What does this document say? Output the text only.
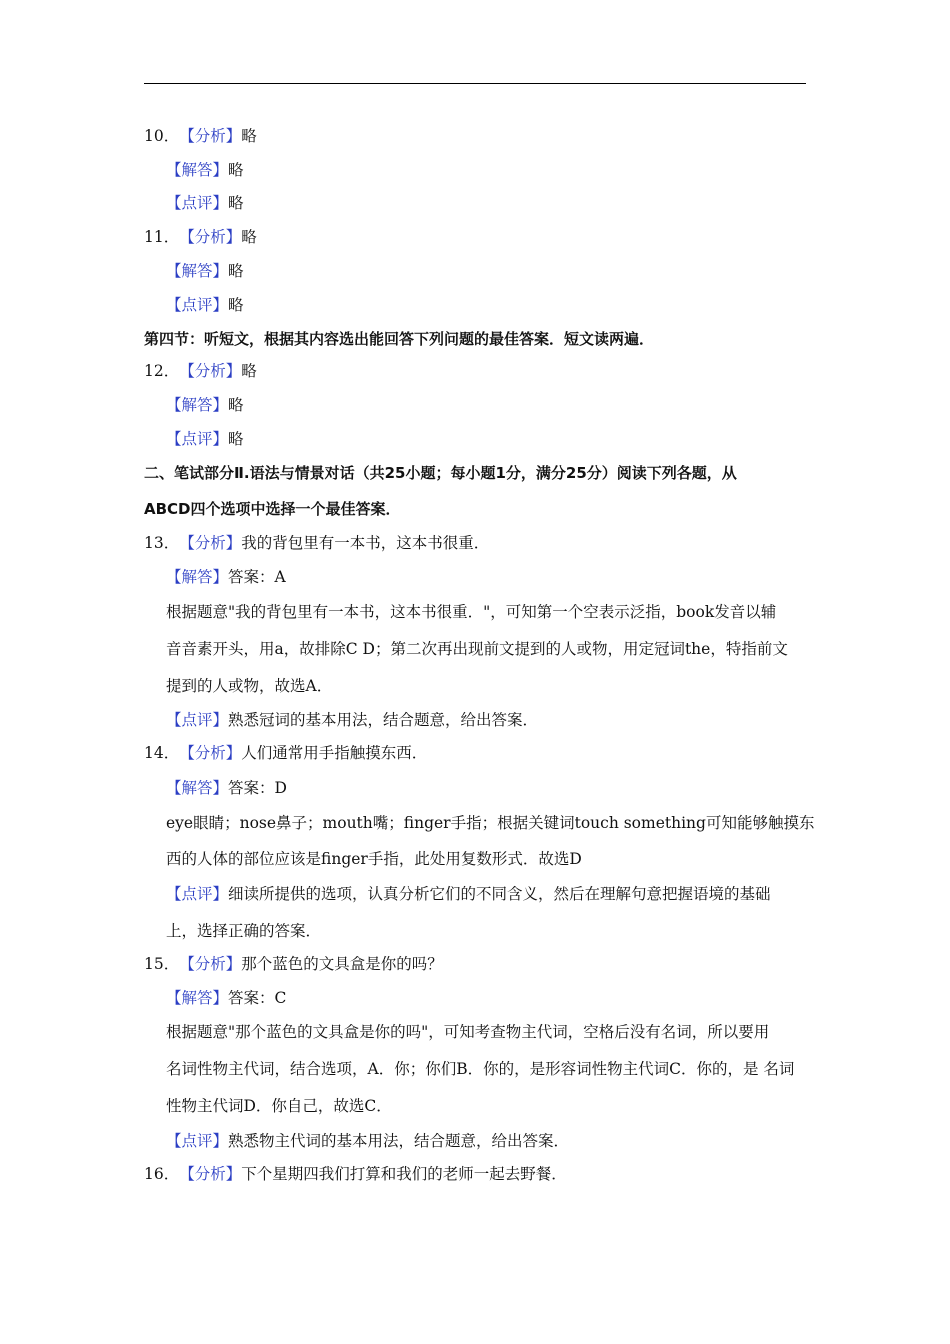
10．【分析】略
【解答】略
【点评】略
11．【分析】略
【解答】略
【点评】略
第四节：听短文，根据其内容选出能回答下列问题的最佳答案．短文读两遍．
12．【分析】略
【解答】略
【点评】略
二、笔试部分Ⅱ.语法与情景对话（共25小题；每小题1分，满分25分）阅读下列各题，从
ABCD四个选项中选择一个最佳答案．
13．【分析】我的背包里有一本书，这本书很重．
【解答】答案：A
根据题意"我的背包里有一本书，这本书很重．"，可知第一个空表示泛指，book发音以辅
音音素开头，用a，故排除C D；第二次再出现前文提到的人或物，用定冠词the，特指前文
提到的人或物，故选A．
【点评】熟悉冠词的基本用法，结合题意，给出答案．
14．【分析】人们通常用手指触摸东西．
【解答】答案：D
eye眼睛；nose鼻子；mouth嘴；finger手指；根据关键词touch something可知能够触摸东
西的人体的部位应该是finger手指，此处用复数形式．故选D
【点评】细读所提供的选项，认真分析它们的不同含义，然后在理解句意把握语境的基础
上，选择正确的答案．
15．【分析】那个蓝色的文具盒是你的吗？
【解答】答案：C
根据题意"那个蓝色的文具盒是你的吗"，可知考查物主代词，空格后没有名词，所以要用
名词性物主代词，结合选项，A．你；你们B．你的，是形容词性物主代词C．你的，是 名词
性物主代词D．你自己，故选C．
【点评】熟悉物主代词的基本用法，结合题意，给出答案．
16．【分析】下个星期四我们打算和我们的老师一起去野餐．
